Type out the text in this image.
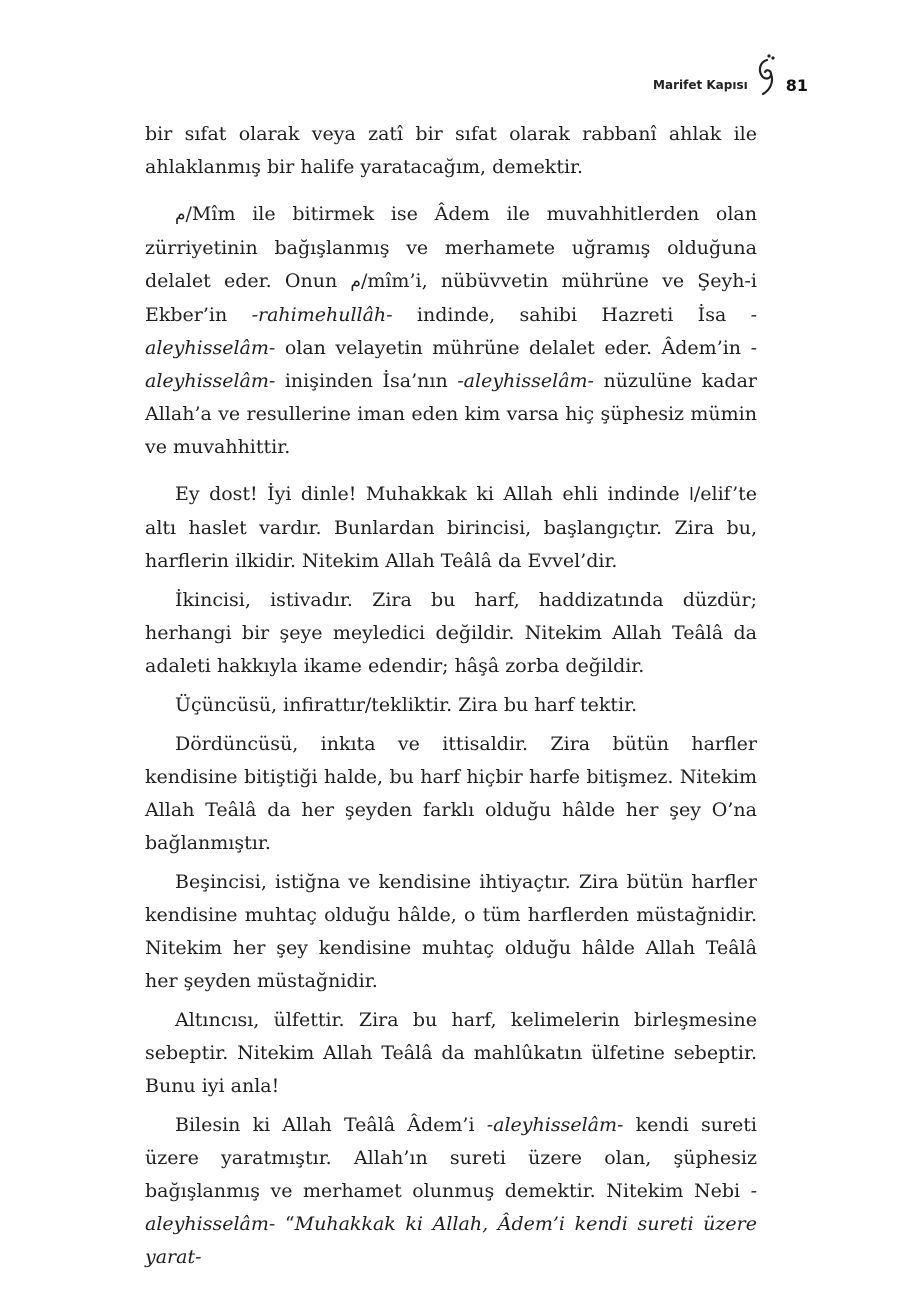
Marifet Kapısı 81

bir sıfat olarak veya zatî bir sıfat olarak rabbanî ahlak ile ahlaklanmış bir halife yaratacağım, demektir.

م/Mîm ile bitirmek ise Âdem ile muvahhitlerden olan zürriyetinin bağışlanmış ve merhamete uğramış olduğuna delalet eder. Onun م/mîm’i, nübüvvetin mührüne ve Şeyh-i Ekber’in -rahimehullâh- indinde, sahibi Hazreti İsa -aleyhisselâm- olan velayetin mührüne delalet eder. Âdem’in -aleyhisselâm- inişinden İsa’nın -aleyhisselâm- nüzulüne kadar Allah’a ve resullerine iman eden kim varsa hiç şüphesiz mümin ve muvahhittir.

Ey dost! İyi dinle! Muhakkak ki Allah ehli indinde ا/elif’te altı haslet vardır. Bunlardan birincisi, başlangıçtır. Zira bu, harflerin ilkidir. Nitekim Allah Teâlâ da Evvel’dir.

İkincisi, istivadır. Zira bu harf, haddizatında düzdür; herhangi bir şeye meyledici değildir. Nitekim Allah Teâlâ da adaleti hakkıyla ikame edendir; hâşâ zorba değildir.

Üçüncüsü, infirattır/tekliktir. Zira bu harf tektir.

Dördüncüsü, inkıta ve ittisaldir. Zira bütün harfler kendisine bitiştiği halde, bu harf hiçbir harfe bitişmez. Nitekim Allah Teâlâ da her şeyden farklı olduğu hâlde her şey O’na bağlanmıştır.

Beşincisi, istiğna ve kendisine ihtiyaçtır. Zira bütün harfler kendisine muhtaç olduğu hâlde, o tüm harflerden müstağnidir. Nitekim her şey kendisine muhtaç olduğu hâlde Allah Teâlâ her şeyden müstağnidir.

Altıncısı, ülfettir. Zira bu harf, kelimelerin birleşmesine sebeptir. Nitekim Allah Teâlâ da mahlûkatın ülfetine sebeptir. Bunu iyi anla!

Bilesin ki Allah Teâlâ Âdem’i -aleyhisselâm- kendi sureti üzere yaratmıştır. Allah’ın sureti üzere olan, şüphesiz bağışlanmış ve merhamet olunmuş demektir. Nitekim Nebi -aleyhisselâm- “Muhakkak ki Allah, Âdem’i kendi sureti üzere yarat-
